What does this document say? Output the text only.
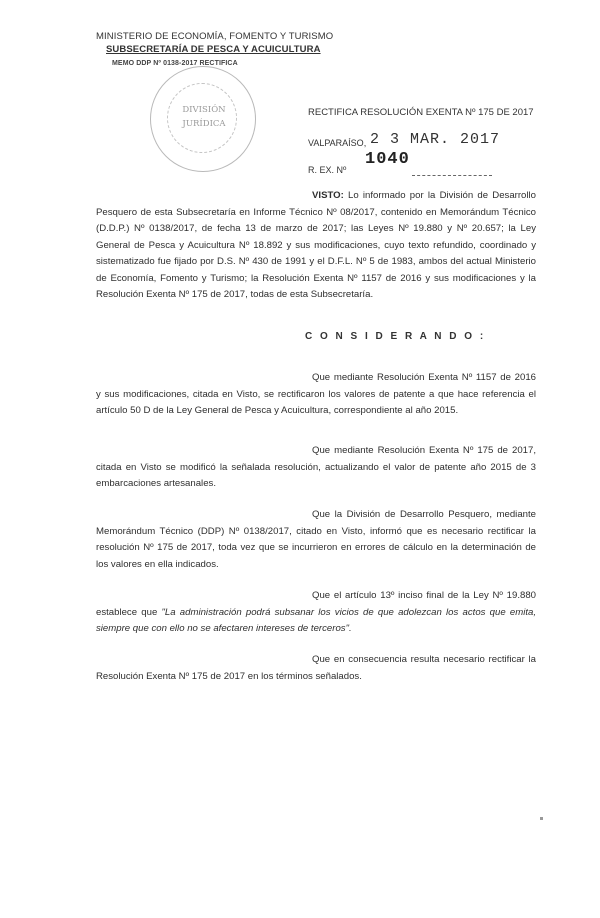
MINISTERIO DE ECONOMÍA, FOMENTO Y TURISMO
SUBSECRETARÍA DE PESCA Y ACUICULTURA
MEMO DDP Nº 0138-2017 RECTIFICA
DIVISIÓN
JURÍDICA
RECTIFICA RESOLUCIÓN EXENTA Nº 175 DE 2017
VALPARAÍSO, 2 3 MAR. 2017
R. EX. Nº
1040
VISTO: Lo informado por la División de Desarrollo Pesquero de esta Subsecretaría en Informe Técnico Nº 08/2017, contenido en Memorándum Técnico (D.D.P.) Nº 0138/2017, de fecha 13 de marzo de 2017; las Leyes Nº 19.880 y Nº 20.657; la Ley General de Pesca y Acuicultura Nº 18.892 y sus modificaciones, cuyo texto refundido, coordinado y sistematizado fue fijado por D.S. Nº 430 de 1991 y el D.F.L. Nº 5 de 1983, ambos del actual Ministerio de Economía, Fomento y Turismo; la Resolución Exenta Nº 1157 de 2016 y sus modificaciones y la Resolución Exenta Nº 175 de 2017, todas de esta Subsecretaría.
C O N S I D E R A N D O :
Que mediante Resolución Exenta Nº 1157 de 2016 y sus modificaciones, citada en Visto, se rectificaron los valores de patente a que hace referencia el artículo 50 D de la Ley General de Pesca y Acuicultura, correspondiente al año 2015.
Que mediante Resolución Exenta Nº 175 de 2017, citada en Visto se modificó la señalada resolución, actualizando el valor de patente año 2015 de 3 embarcaciones artesanales.
Que la División de Desarrollo Pesquero, mediante Memorándum Técnico (DDP) Nº 0138/2017, citado en Visto, informó que es necesario rectificar la resolución Nº 175 de 2017, toda vez que se incurrieron en errores de cálculo en la determinación de los valores en ella indicados.
Que el artículo 13º inciso final de la Ley Nº 19.880 establece que "La administración podrá subsanar los vicios de que adolezcan los actos que emita, siempre que con ello no se afectaren intereses de terceros".
Que en consecuencia resulta necesario rectificar la Resolución Exenta Nº 175 de 2017 en los términos señalados.
